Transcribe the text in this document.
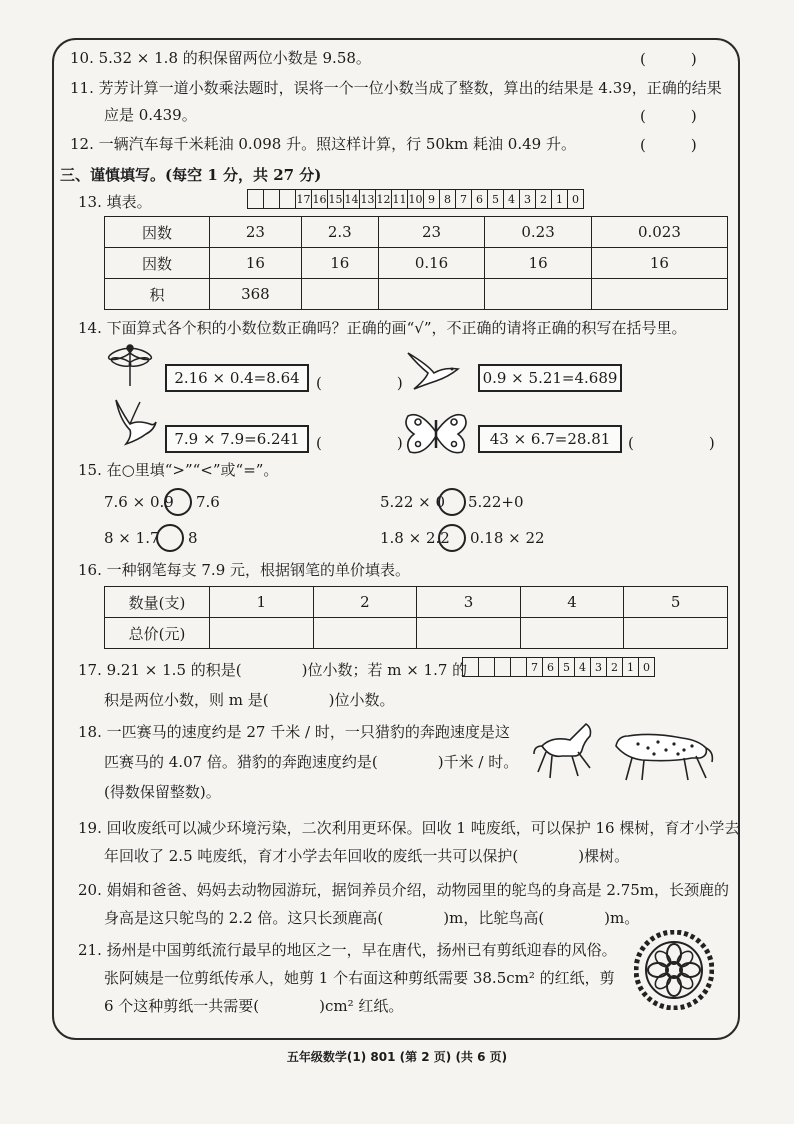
10. 5.32 × 1.8 的积保留两位小数是 9.58。	(　　　)
11. 芳芳计算一道小数乘法题时，误将一个一位小数当成了整数，算出的结果是 4.39，正确的结果
应是 0.439。	(　　　)
12. 一辆汽车每千米耗油 0.098 升。照这样计算，行 50km 耗油 0.49 升。	(　　　)
三、谨慎填写。(每空 1 分，共 27 分)
13. 填表。
				17	16	15	14	13	12	11	10	9	8	7	6	5	4	3	2	1	0
因数	23	2.3	23	0.23	0.023
因数	16	16	0.16	16	16
积	368				
14. 下面算式各个积的小数位数正确吗？正确的画“√”，不正确的请将正确的积写在括号里。
2.16 × 0.4=8.64	(　　　　　)	0.9 × 5.21=4.689
7.9 × 7.9=6.241	(　　　　　)	43 × 6.7=28.81	(　　　　　)
15. 在○里填“>”“<”或“=”。
7.6 × 0.9 7.6	5.22 × 0 5.22+0
8 × 1.7 8	1.8 × 2.2 0.18 × 22
16. 一种钢笔每支 7.9 元，根据钢笔的单价填表。
数量(支)	1	2	3	4	5
总价(元)					
17. 9.21 × 1.5 的积是(　　　　)位小数；若 m × 1.7 的
积是两位小数，则 m 是(　　　　)位小数。
				7	6	5	4	3	2	1	0
18. 一匹赛马的速度约是 27 千米 / 时，一只猎豹的奔跑速度是这
匹赛马的 4.07 倍。猎豹的奔跑速度约是(　　　　)千米 / 时。
(得数保留整数)。
19. 回收废纸可以减少环境污染，二次利用更环保。回收 1 吨废纸，可以保护 16 棵树，育才小学去
年回收了 2.5 吨废纸，育才小学去年回收的废纸一共可以保护(　　　　)棵树。
20. 娟娟和爸爸、妈妈去动物园游玩，据饲养员介绍，动物园里的鸵鸟的身高是 2.75m，长颈鹿的
身高是这只鸵鸟的 2.2 倍。这只长颈鹿高(　　　　)m，比鸵鸟高(　　　　)m。
21. 扬州是中国剪纸流行最早的地区之一，早在唐代，扬州已有剪纸迎春的风俗。
张阿姨是一位剪纸传承人，她剪 1 个右面这种剪纸需要 38.5cm² 的红纸，剪
6 个这种剪纸一共需要(　　　　)cm² 红纸。
五年级数学(1) 801 (第 2 页) (共 6 页)
